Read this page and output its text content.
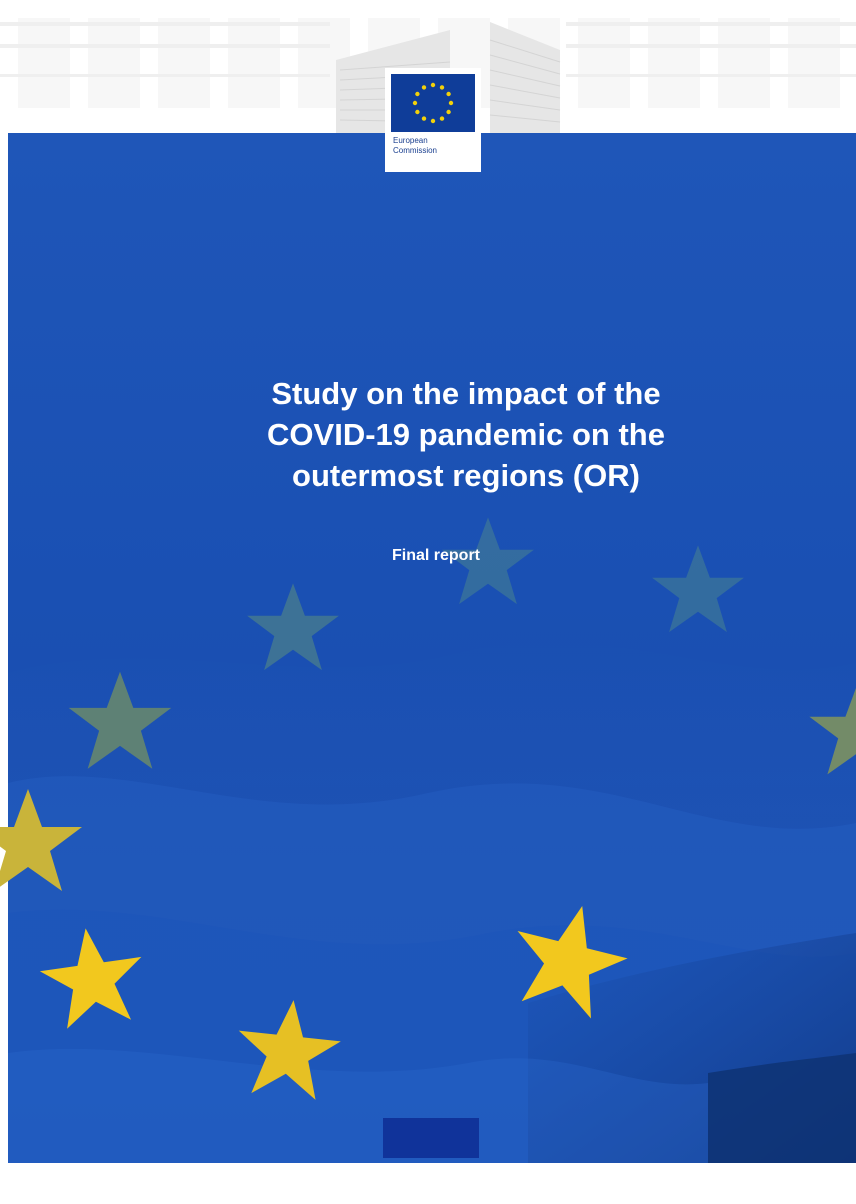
Study on the impact of the
COVID-19 pandemic on the
outermost regions (OR)
Final report
Written by Ecorys
October 2021
European
Commission
